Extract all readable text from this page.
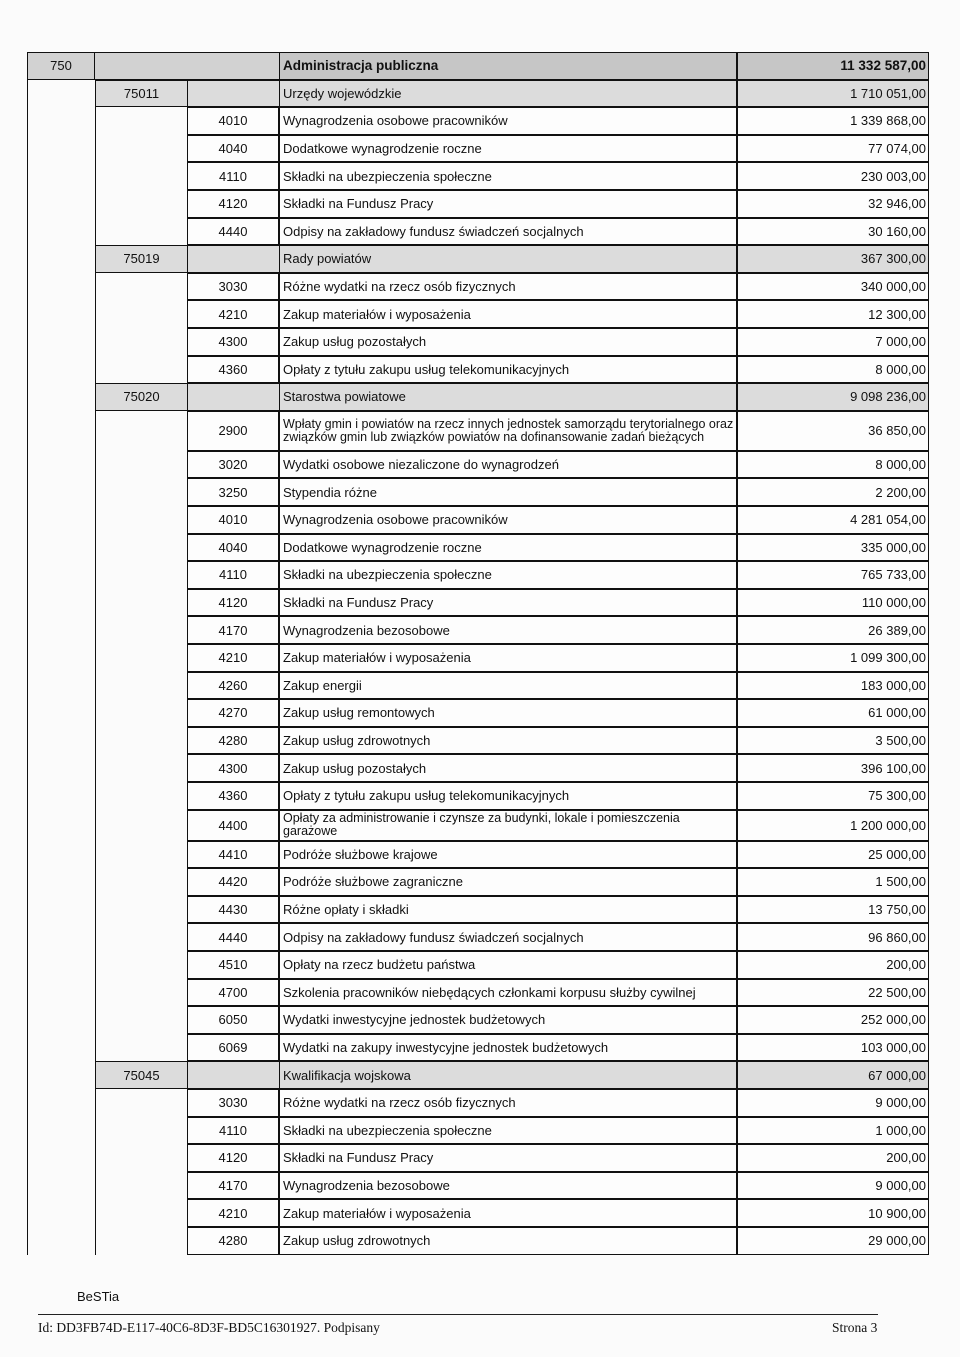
750	Administracja publiczna	11 332 587,00
75011	Urzędy wojewódzkie	1 710 051,00
4010	Wynagrodzenia osobowe pracowników	1 339 868,00
4040	Dodatkowe wynagrodzenie roczne	77 074,00
4110	Składki na ubezpieczenia społeczne	230 003,00
4120	Składki na Fundusz Pracy	32 946,00
4440	Odpisy na zakładowy fundusz świadczeń socjalnych	30 160,00
75019	Rady powiatów	367 300,00
3030	Różne wydatki na rzecz osób fizycznych	340 000,00
4210	Zakup materiałów i wyposażenia	12 300,00
4300	Zakup usług pozostałych	7 000,00
4360	Opłaty z tytułu zakupu usług telekomunikacyjnych	8 000,00
75020	Starostwa powiatowe	9 098 236,00
2900	Wpłaty gmin i powiatów na rzecz innych jednostek samorządu terytorialnego oraz związków gmin lub związków powiatów na dofinansowanie zadań bieżących	36 850,00
3020	Wydatki osobowe niezaliczone do wynagrodzeń	8 000,00
3250	Stypendia różne	2 200,00
4010	Wynagrodzenia osobowe pracowników	4 281 054,00
4040	Dodatkowe wynagrodzenie roczne	335 000,00
4110	Składki na ubezpieczenia społeczne	765 733,00
4120	Składki na Fundusz Pracy	110 000,00
4170	Wynagrodzenia bezosobowe	26 389,00
4210	Zakup materiałów i wyposażenia	1 099 300,00
4260	Zakup energii	183 000,00
4270	Zakup usług remontowych	61 000,00
4280	Zakup usług zdrowotnych	3 500,00
4300	Zakup usług pozostałych	396 100,00
4360	Opłaty z tytułu zakupu usług telekomunikacyjnych	75 300,00
4400	Opłaty za administrowanie i czynsze za budynki, lokale i pomieszczenia garażowe	1 200 000,00
4410	Podróże służbowe krajowe	25 000,00
4420	Podróże służbowe zagraniczne	1 500,00
4430	Różne opłaty i składki	13 750,00
4440	Odpisy na zakładowy fundusz świadczeń socjalnych	96 860,00
4510	Opłaty na rzecz budżetu państwa	200,00
4700	Szkolenia pracowników niebędących członkami korpusu służby cywilnej	22 500,00
6050	Wydatki inwestycyjne jednostek budżetowych	252 000,00
6069	Wydatki na zakupy inwestycyjne jednostek budżetowych	103 000,00
75045	Kwalifikacja wojskowa	67 000,00
3030	Różne wydatki na rzecz osób fizycznych	9 000,00
4110	Składki na ubezpieczenia społeczne	1 000,00
4120	Składki na Fundusz Pracy	200,00
4170	Wynagrodzenia bezosobowe	9 000,00
4210	Zakup materiałów i wyposażenia	10 900,00
4280	Zakup usług zdrowotnych	29 000,00
BeSTia
Id: DD3FB74D-E117-40C6-8D3F-BD5C16301927. Podpisany	Strona 3
